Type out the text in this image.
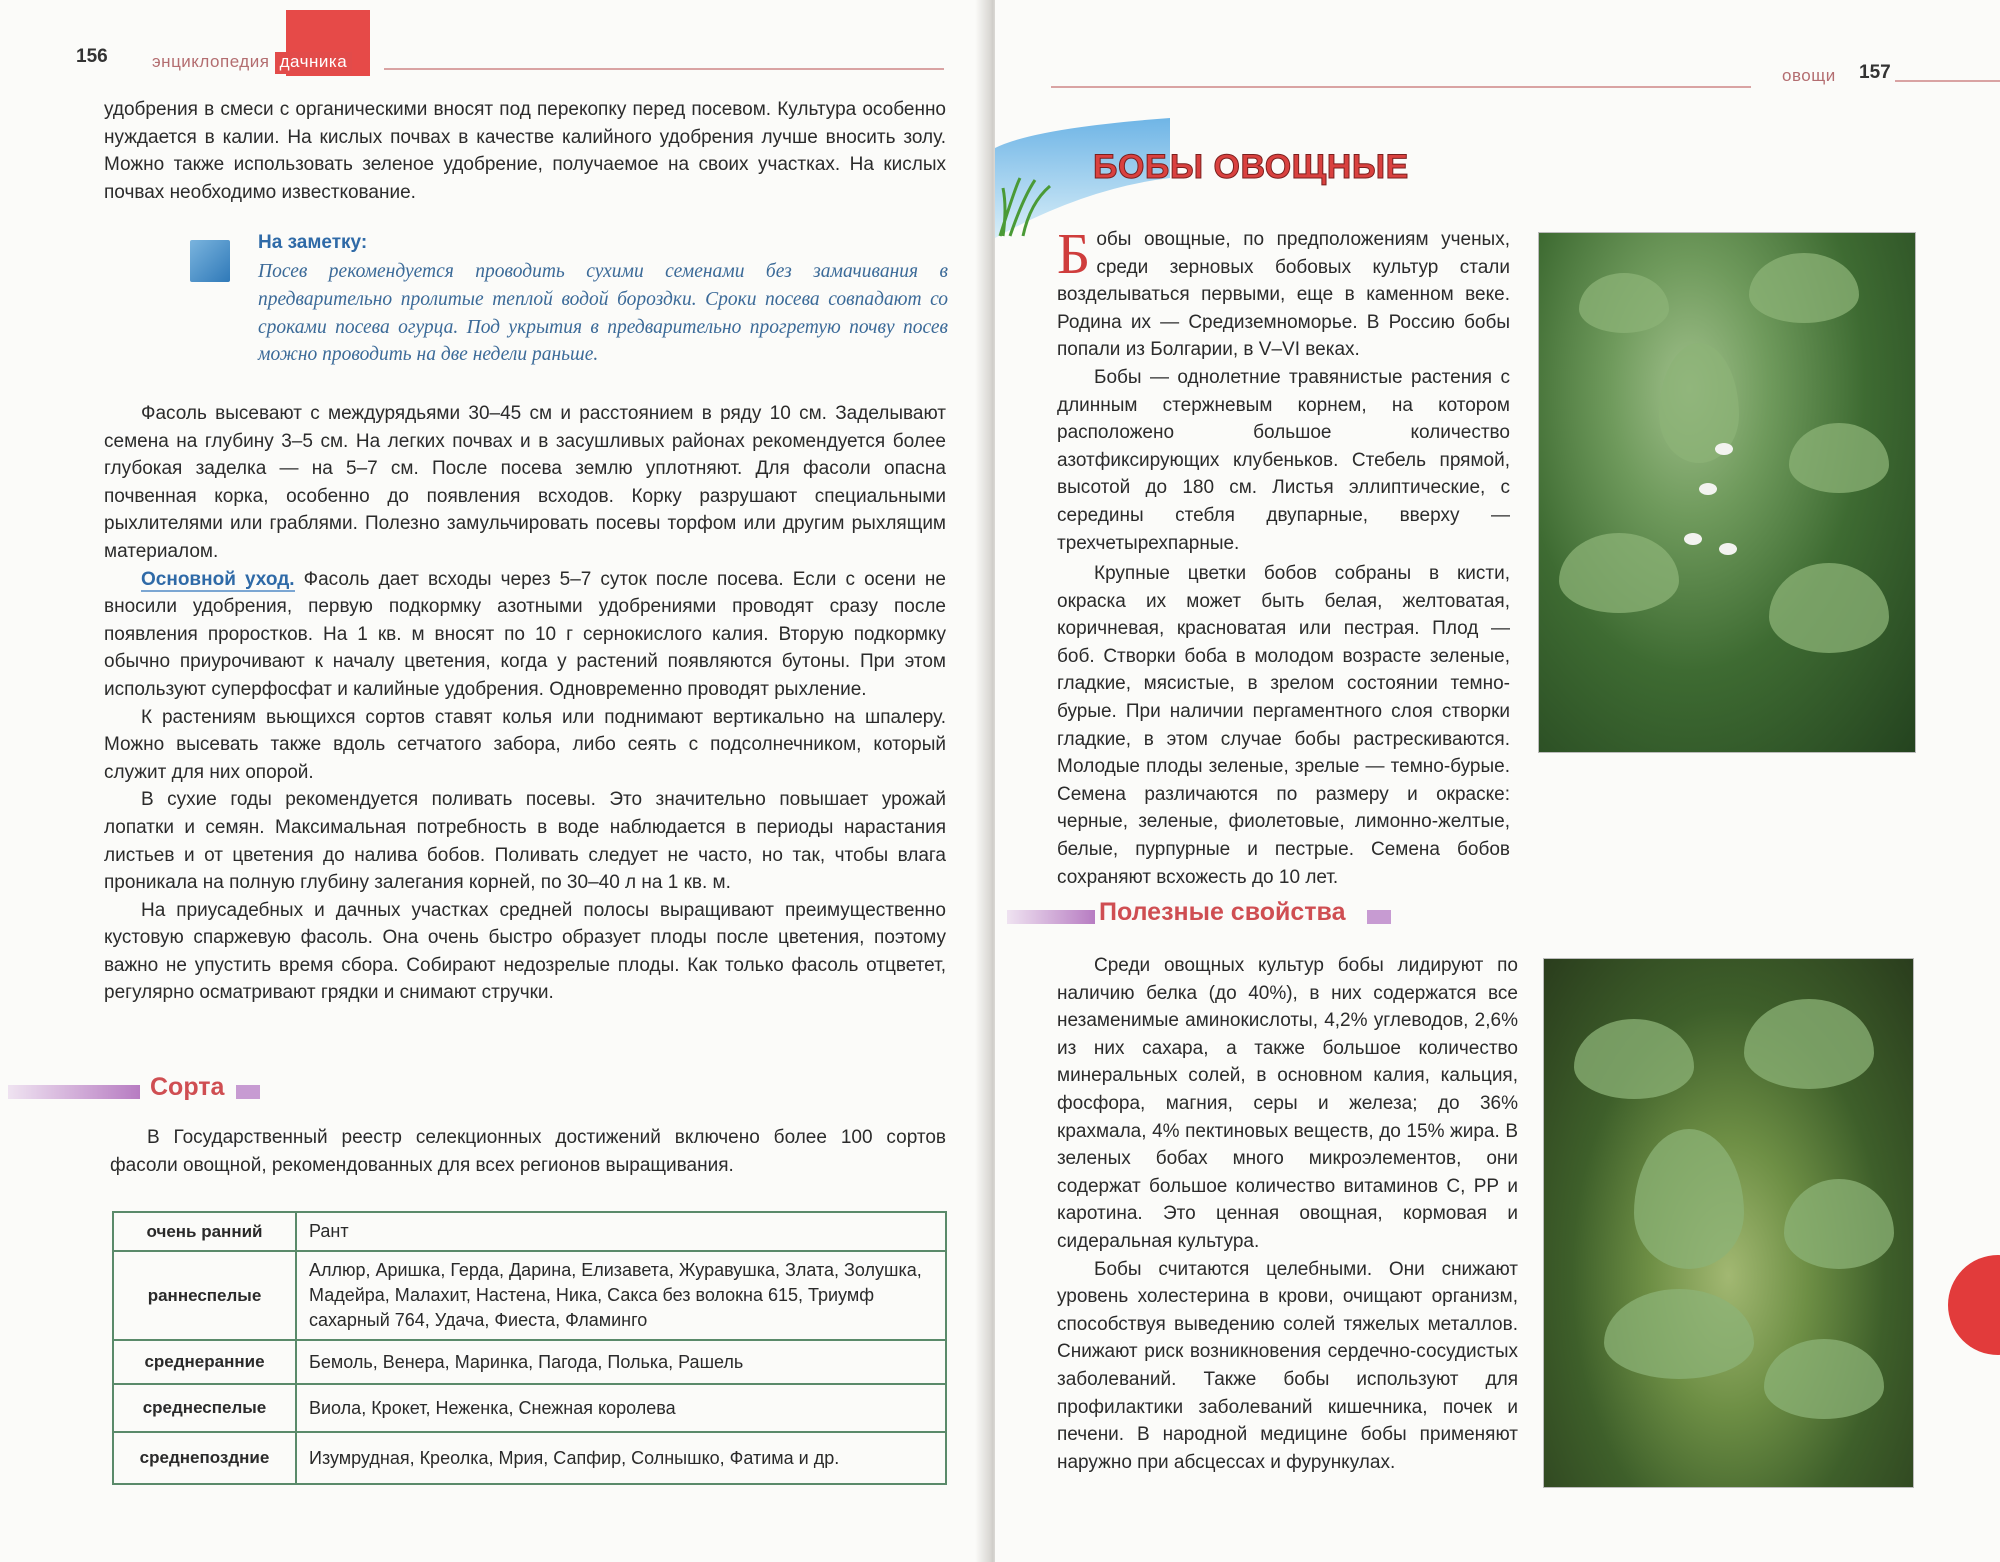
156	энциклопедия дачника

удобрения в смеси с органическими вносят под перекопку перед посевом. Культура особенно нуждается в калии. На кислых почвах в качестве калийного удобрения лучше вносить золу. Можно также использовать зеленое удобрение, получаемое на своих участках. На кислых почвах необходимо известкование.

На заметку:
Посев рекомендуется проводить сухими семенами без замачивания в предварительно пролитые теплой водой бороздки. Сроки посева совпадают со сроками посева огурца. Под укрытия в предварительно прогретую почву посев можно проводить на две недели раньше.

Фасоль высевают с междурядьями 30–45 см и расстоянием в ряду 10 см. Заделывают семена на глубину 3–5 см. На легких почвах и в засушливых районах рекомендуется более глубокая заделка — на 5–7 см. После посева землю уплотняют. Для фасоли опасна почвенная корка, особенно до появления всходов. Корку разрушают специальными рыхлителями или граблями. Полезно замульчировать посевы торфом или другим рыхлящим материалом.

Основной уход. Фасоль дает всходы через 5–7 суток после посева. Если с осени не вносили удобрения, первую подкормку азотными удобрениями проводят сразу после появления проростков. На 1 кв. м вносят по 10 г сернокислого калия. Вторую подкормку обычно приурочивают к началу цветения, когда у растений появляются бутоны. При этом используют суперфосфат и калийные удобрения. Одновременно проводят рыхление.

К растениям вьющихся сортов ставят колья или поднимают вертикально на шпалеру. Можно высевать также вдоль сетчатого забора, либо сеять с подсолнечником, который служит для них опорой.

В сухие годы рекомендуется поливать посевы. Это значительно повышает урожай лопатки и семян. Максимальная потребность в воде наблюдается в периоды нарастания листьев и от цветения до налива бобов. Поливать следует не часто, но так, чтобы влага проникала на полную глубину залегания корней, по 30–40 л на 1 кв. м.

На приусадебных и дачных участках средней полосы выращивают преимущественно кустовую спаржевую фасоль. Она очень быстро образует плоды после цветения, поэтому важно не упустить время сбора. Собирают недозрелые плоды. Как только фасоль отцветет, регулярно осматривают грядки и снимают стручки.

Сорта

В Государственный реестр селекционных достижений включено более 100 сортов фасоли овощной, рекомендованных для всех регионов выращивания.

очень ранний	Рант
раннеспелые	Аллюр, Аришка, Герда, Дарина, Елизавета, Журавушка, Злата, Золушка, Мадейра, Малахит, Настена, Ника, Сакса без волокна 615, Триумф сахарный 764, Удача, Фиеста, Фламинго
среднеранние	Бемоль, Венера, Маринка, Пагода, Полька, Рашель
среднеспелые	Виола, Крокет, Неженка, Снежная королева
среднепоздние	Изумрудная, Креолка, Мрия, Сапфир, Солнышко, Фатима и др.
овощи 157
БОБЫ ОВОЩНЫЕ

Бобы овощные, по предположениям ученых, среди зерновых бобовых культур стали возделываться первыми, еще в каменном веке. Родина их — Средиземноморье. В Россию бобы попали из Болгарии, в V–VI веках.

Бобы — однолетние травянистые растения с длинным стержневым корнем, на котором расположено большое количество азотфиксирующих клубеньков. Стебель прямой, высотой до 180 см. Листья эллиптические, с середины стебля двупарные, вверху — трехчетырехпарные.

Крупные цветки бобов собраны в кисти, окраска их может быть белая, желтоватая, коричневая, красноватая или пестрая. Плод — боб. Створки боба в молодом возрасте зеленые, гладкие, мясистые, в зрелом состоянии темно-бурые. При наличии пергаментного слоя створки гладкие, в этом случае бобы растрескиваются. Молодые плоды зеленые, зрелые — темно-бурые. Семена различаются по размеру и окраске: черные, зеленые, фиолетовые, лимонно-желтые, белые, пурпурные и пестрые. Семена бобов сохраняют всхожесть до 10 лет.

Полезные свойства

Среди овощных культур бобы лидируют по наличию белка (до 40%), в них содержатся все незаменимые аминокислоты, 4,2% углеводов, 2,6% из них сахара, а также большое количество минеральных солей, в основном калия, кальция, фосфора, магния, серы и железа; до 36% крахмала, 4% пектиновых веществ, до 15% жира. В зеленых бобах много микроэлементов, они содержат большое количество витаминов С, РР и каротина. Это ценная овощная, кормовая и сидеральная культура.

Бобы считаются целебными. Они снижают уровень холестерина в крови, очищают организм, способствуя выведению солей тяжелых металлов. Снижают риск возникновения сердечно-сосудистых заболеваний. Также бобы используют для профилактики заболеваний кишечника, почек и печени. В народной медицине бобы применяют наружно при абсцессах и фурункулах.
